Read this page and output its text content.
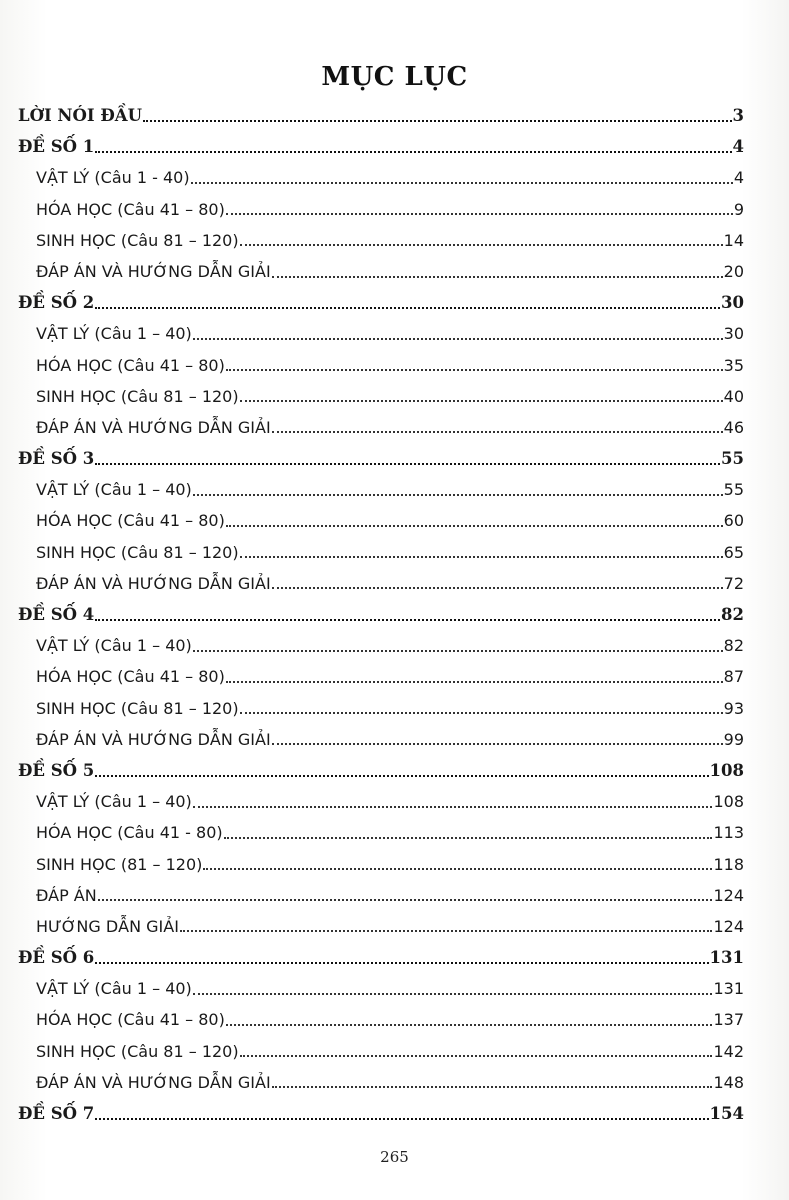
MỤC LỤC
LỜI NÓI ĐẦU	3
ĐỀ SỐ 1	4
VẬT LÝ (Câu 1 - 40)	4
HÓA HỌC (Câu 41 – 80)	9
SINH HỌC (Câu 81 – 120)	14
ĐÁP ÁN VÀ HƯỚNG DẪN GIẢI	20
ĐỀ SỐ 2	30
VẬT LÝ (Câu 1 – 40)	30
HÓA HỌC (Câu 41 – 80)	35
SINH HỌC (Câu 81 – 120)	40
ĐÁP ÁN VÀ HƯỚNG DẪN GIẢI	46
ĐỀ SỐ 3	55
VẬT LÝ (Câu 1 – 40)	55
HÓA HỌC (Câu 41 – 80)	60
SINH HỌC (Câu 81 – 120)	65
ĐÁP ÁN VÀ HƯỚNG DẪN GIẢI	72
ĐỀ SỐ 4	82
VẬT LÝ (Câu 1 – 40)	82
HÓA HỌC (Câu 41 – 80)	87
SINH HỌC (Câu 81 – 120)	93
ĐÁP ÁN VÀ HƯỚNG DẪN GIẢI	99
ĐỀ SỐ 5	108
VẬT LÝ (Câu 1 – 40)	108
HÓA HỌC (Câu 41 - 80)	113
SINH HỌC (81 – 120)	118
ĐÁP ÁN	124
HƯỚNG DẪN GIẢI	124
ĐỀ SỐ 6	131
VẬT LÝ (Câu 1 – 40)	131
HÓA HỌC (Câu 41 – 80)	137
SINH HỌC (Câu 81 – 120)	142
ĐÁP ÁN VÀ HƯỚNG DẪN GIẢI	148
ĐỀ SỐ 7	154
265
